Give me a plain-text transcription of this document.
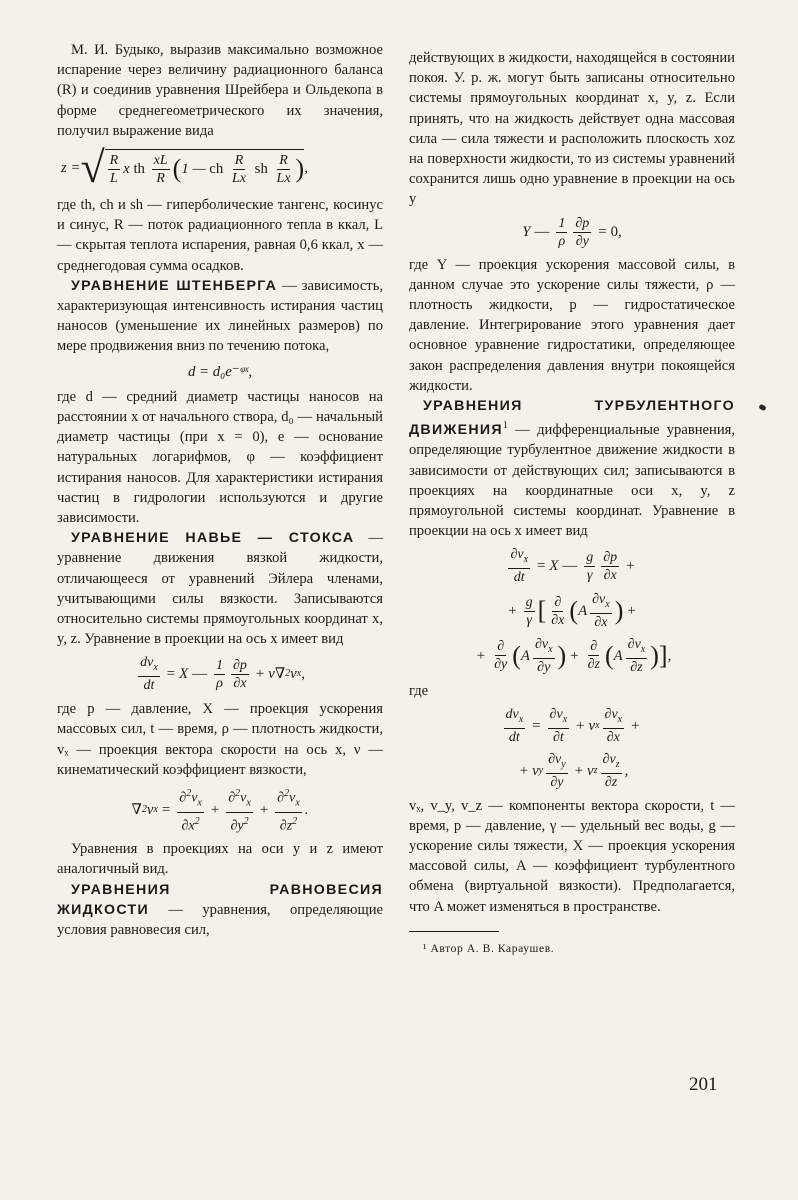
М. И. Будыко, выразив максимально возможное испарение через величину радиационного баланса (R) и соединив уравнения Шрейбера и Ольдекопа в форме среднегеометрического их значения, получил выражение вида

z = √ $\frac{R}{L}$ x th $\frac{xL}{R}$ ( 1 — ch $\frac{R}{Lx}$ sh $\frac{R}{Lx}$ ) ,

где th, ch и sh — гиперболические тангенс, косинус и синус, R — поток радиационного тепла в ккал, L — скрытая теплота испарения, равная 0,6 ккал, x — среднегодовая сумма осадков.

УРАВНЕНИЕ ШТЕНБЕРГА — зависимость, характеризующая интенсивность истирания частиц наносов (уменьшение их линейных размеров) по мере продвижения вниз по течению потока,

d = d₀e⁻ᵠˣ,

где d — средний диаметр частицы наносов на расстоянии x от начального створа, d₀ — начальный диаметр частицы (при x = 0), e — основание натуральных логарифмов, φ — коэффициент истирания наносов. Для характеристики истирания частиц в гидрологии используются и другие зависимости.

УРАВНЕНИЕ НАВЬЕ — СТОКСА — уравнение движения вязкой жидкости, отличающееся от уравнений Эйлера членами, учитывающими силы вязкости. Записываются относительно системы прямоугольных координат x, y, z. Уравнение в проекции на ось x имеет вид

$\frac{dv_x}{dt} = X$ — $\frac{1}{\rho} \frac{\partial p}{\partial x} + \nu\nabla$ 2 v x ,

где p — давление, X — проекция ускорения массовых сил, t — время, ρ — плотность жидкости, vₓ — проекция вектора скорости на ось x, ν — кинематический коэффициент вязкости,

∇ 2 v $x = \frac{\partial^2v_x}{\partial x^2} + \frac{\partial^2v_x}{\partial y^2} + \frac{\partial^2v_x}{\partial z^2}$ .

Уравнения в проекциях на оси y и z имеют аналогичный вид.

УРАВНЕНИЯ РАВНОВЕСИЯ ЖИДКОСТИ — уравнения, определяющие условия равновесия сил,

действующих в жидкости, находящейся в состоянии покоя. У. р. ж. могут быть записаны относительно системы прямоугольных координат x, y, z. Если принять, что на жидкость действует одна массовая сила — сила тяжести и расположить плоскость xoz на поверхности жидкости, то из системы уравнений сохранится лишь одно уравнение в проекции на ось y

Y — $\frac{1}{\rho} \frac{\partial p}{\partial y} = 0$,

где Y — проекция ускорения массовой силы, в данном случае это ускорение силы тяжести, ρ — плотность жидкости, p — гидростатическое давление. Интегрирование этого уравнения дает основное уравнение гидростатики, определяющее закон распределения давления внутри покоящейся жидкости.

УРАВНЕНИЯ ТУРБУЛЕНТНОГО ДВИЖЕНИЯ$^1$ — дифференциальные уравнения, определяющие турбулентное движение жидкости в зависимости от действующих сил; записываются в проекциях на координатные оси x, y, z прямоугольной системы координат. Уравнение в проекции на ось x имеет вид

$\frac{\partial v_x}{dt} = X$ — $\frac{g}{\gamma} \frac{\partial p}{\partial x}$ +
+ $\frac{g}{\gamma}$ [ $\frac{\partial}{\partial x}$ ( A $\frac{\partial v_x}{\partial x}$ ) +
+ $\frac{\partial}{\partial y}$ ( A $\frac{\partial v_x}{\partial y}$ ) + $\frac{\partial}{\partial z}$ ( A $\frac{\partial v_x}{\partial z}$ )] ,

где

$\frac{dv_x}{dt} = \frac{\partial v_x}{\partial t} + v$ x $\frac{\partial v_x}{\partial x}$ +
+ v y $\frac{\partial v_y}{\partial y} + v$ z $\frac{\partial v_z}{\partial z}$ ,

vₓ, v_y, v_z — компоненты вектора скорости, t — время, p — давление, γ — удельный вес воды, g — ускорение силы тяжести, X — проекция ускорения массовой силы, A — коэффициент турбулентного обмена (виртуальной вязкости). Предполагается, что A может изменяться в пространстве.

¹ Автор А. В. Караушев.

201
